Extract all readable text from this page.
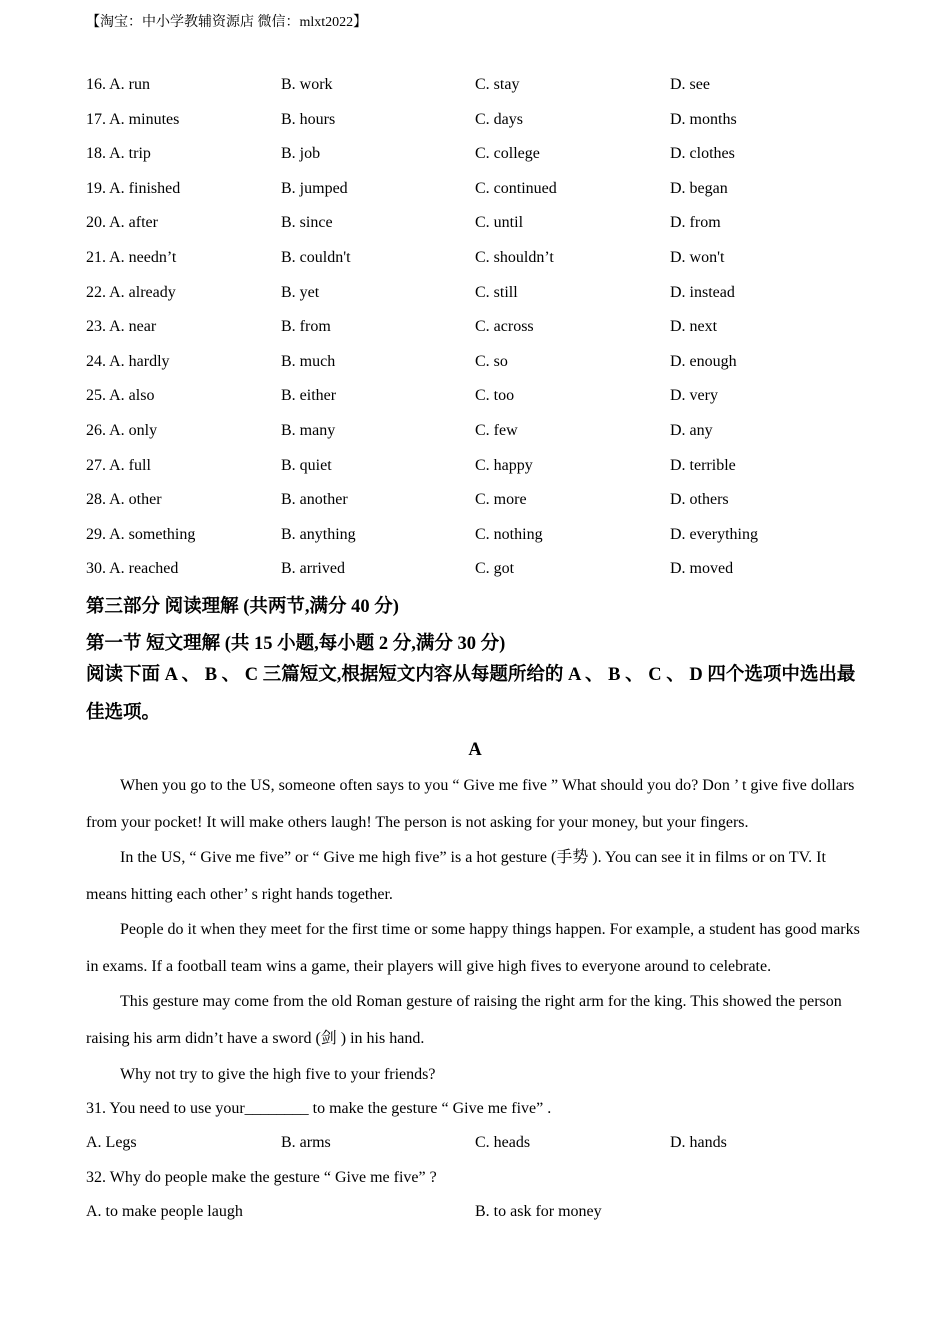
【淘宝：中小学教辅资源店 微信：mlxt2022】
16. A. run	B. work	C. stay	D. see
17. A. minutes	B. hours	C. days	D. months
18. A. trip	B. job	C. college	D. clothes
19. A. finished	B. jumped	C. continued	D. began
20. A. after	B. since	C. until	D. from
21. A. needn’t	B. couldn't	C. shouldn’t	D. won't
22. A. already	B. yet	C. still	D. instead
23. A. near	B. from	C. across	D. next
24. A. hardly	B. much	C. so	D. enough
25. A. also	B. either	C. too	D. very
26. A. only	B. many	C. few	D. any
27. A. full	B. quiet	C. happy	D. terrible
28. A. other	B. another	C. more	D. others
29. A. something	B. anything	C. nothing	D. everything
30. A. reached	B. arrived	C. got	D. moved
第三部分 阅读理解 (共两节,满分 40 分)
第一节 短文理解 (共 15 小题,每小题 2 分,满分 30 分)
阅读下面 A 、 B 、 C 三篇短文,根据短文内容从每题所给的 A 、 B 、 C 、 D 四个选项中选出最佳选项。
A
When you go to the US, someone often says to you “ Give me five ” What should you do? Don ’ t give five dollars from your pocket! It will make others laugh! The person is not asking for your money, but your fingers.
In the US, “ Give me five” or “ Give me high five” is a hot gesture (手势 ). You can see it in films or on TV. It means hitting each other’ s right hands together.
People do it when they meet for the first time or some happy things happen. For example, a student has good marks in exams. If a football team wins a game, their players will give high fives to everyone around to celebrate.
This gesture may come from the old Roman gesture of raising the right arm for the king. This showed the person raising his arm didn’t have a sword (剑 ) in his hand.
Why not try to give the high five to your friends?
31. You need to use your________ to make the gesture “ Give me five” .
A. Legs	B. arms	C. heads	D. hands
32. Why do people make the gesture “ Give me five” ?
A. to make people laugh	B. to ask for money
